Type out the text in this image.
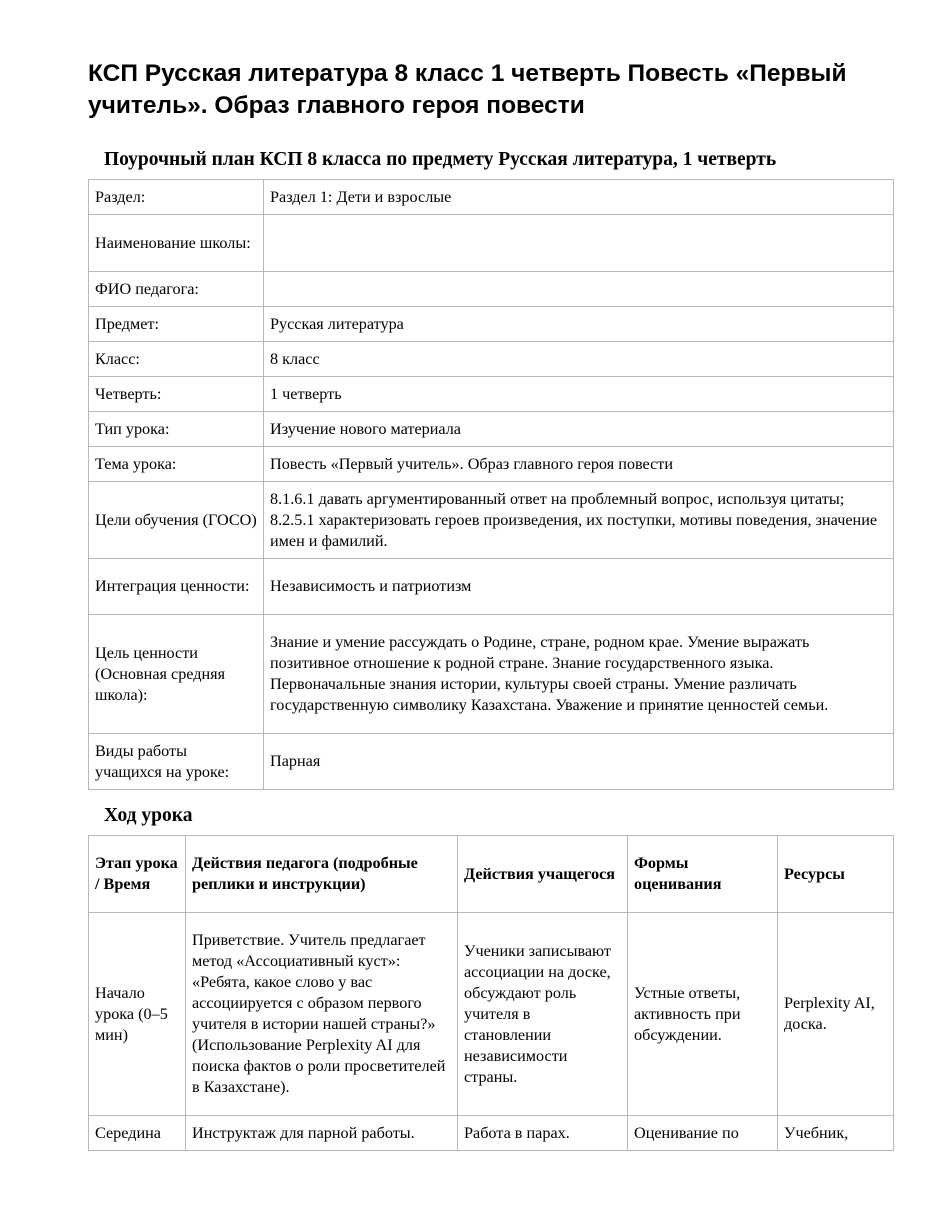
КСП Русская литература 8 класс 1 четверть Повесть «Первый учитель». Образ главного героя повести
Поурочный план КСП 8 класса по предмету Русская литература, 1 четверть
Раздел:	Раздел 1: Дети и взрослые
Наименование школы:	
ФИО педагога:	
Предмет:	Русская литература
Класс:	8 класс
Четверть:	1 четверть
Тип урока:	Изучение нового материала
Тема урока:	Повесть «Первый учитель». Образ главного героя повести
Цели обучения (ГОСО)	8.1.6.1 давать аргументированный ответ на проблемный вопрос, используя цитаты; 8.2.5.1 характеризовать героев произведения, их поступки, мотивы поведения, значение имен и фамилий.
Интеграция ценности:	Независимость и патриотизм
Цель ценности (Основная средняя школа):	Знание и умение рассуждать о Родине, стране, родном крае. Умение выражать позитивное отношение к родной стране. Знание государственного языка. Первоначальные знания истории, культуры своей страны. Умение различать государственную символику Казахстана. Уважение и принятие ценностей семьи.
Виды работы учащихся на уроке:	Парная
Ход урока
Этап урока / Время	Действия педагога (подробные реплики и инструкции)	Действия учащегося	Формы оценивания	Ресурсы
Начало урока (0–5 мин)	Приветствие. Учитель предлагает метод «Ассоциативный куст»: «Ребята, какое слово у вас ассоциируется с образом первого учителя в истории нашей страны?» (Использование Perplexity AI для поиска фактов о роли просветителей в Казахстане).	Ученики записывают ассоциации на доске, обсуждают роль учителя в становлении независимости страны.	Устные ответы, активность при обсуждении.	Perplexity AI, доска.
Середина	Инструктаж для парной работы.	Работа в парах.	Оценивание по	Учебник,
